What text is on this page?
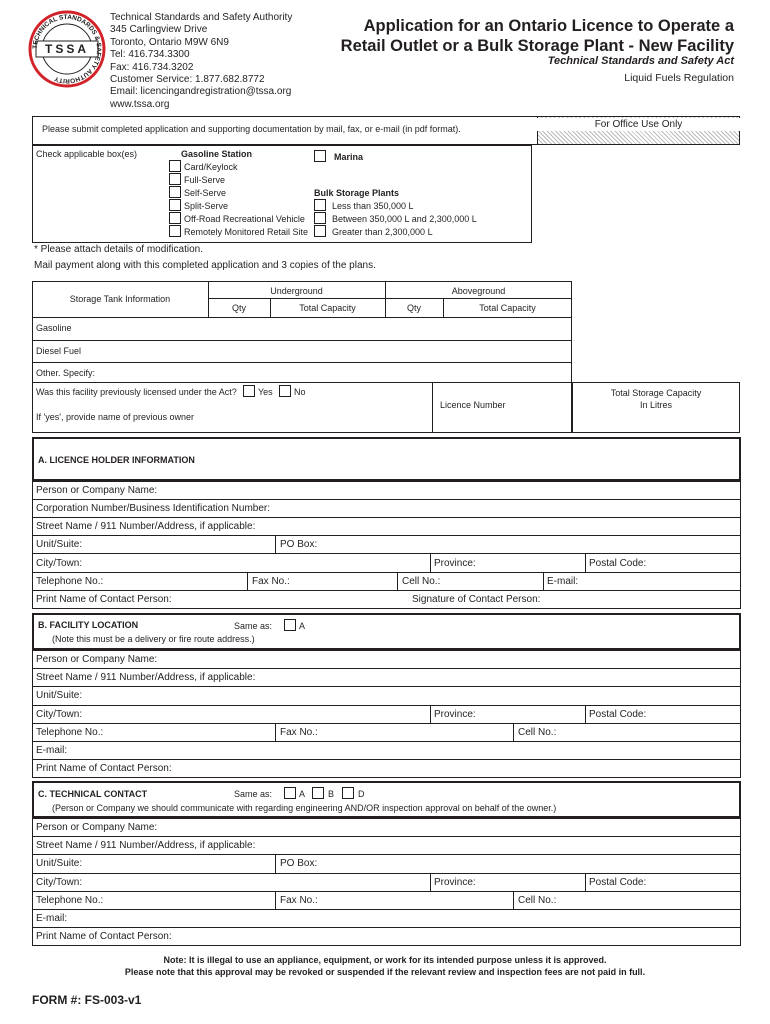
TECHNICAL STANDARDS & SAFETY AUTHORITY
TSSA
Technical Standards and Safety Authority
345 Carlingview Drive
Toronto, Ontario M9W 6N9
Tel: 416.734.3300
Fax: 416.734.3202
Customer Service: 1.877.682.8772
Email: licencingandregistration@tssa.org
www.tssa.org
Application for an Ontario Licence to Operate a
Retail Outlet or a Bulk Storage Plant - New Facility
Technical Standards and Safety Act
Liquid Fuels Regulation
Please submit completed application and supporting documentation by mail, fax, or e-mail (in pdf format).	For Office Use Only
Check applicable box(es)	Gasoline Station
Card/Keylock
Full-Serve
Self-Serve
Split-Serve
Off-Road Recreational Vehicle
Remotely Monitored Retail Site
Marina
Bulk Storage Plants
Less than 350,000 L
Between 350,000 L and 2,300,000 L
Greater than 2,300,000 L
* Please attach details of modification.
Mail payment along with this completed application and 3 copies of the plans.
Storage Tank Information
Underground	Aboveground
Qty	Total Capacity	Qty	Total Capacity
Gasoline
Diesel Fuel
Other. Specify:
Was this facility previously licensed under the Act? Yes No
Licence Number
If 'yes', provide name of previous owner
Total Storage Capacity
In Litres
A. LICENCE HOLDER INFORMATION
Person or Company Name:
Corporation Number/Business Identification Number:
Street Name / 911 Number/Address, if applicable:
Unit/Suite:	PO Box:
City/Town:	Province:	Postal Code:
Telephone No.:	Fax No.:	Cell No.:	E-mail:
Print Name of Contact Person:	Signature of Contact Person:
B. FACILITY LOCATION	Same as:	A
(Note this must be a delivery or fire route address.)
Person or Company Name:
Street Name / 911 Number/Address, if applicable:
Unit/Suite:
City/Town:	Province:	Postal Code:
Telephone No.:	Fax No.:	Cell No.:
E-mail:
Print Name of Contact Person:
C. TECHNICAL CONTACT	Same as:	A	B	D
(Person or Company we should communicate with regarding engineering AND/OR inspection approval on behalf of the owner.)
Person or Company Name:
Street Name / 911 Number/Address, if applicable:
Unit/Suite:	PO Box:
City/Town:	Province:	Postal Code:
Telephone No.:	Fax No.:	Cell No.:
E-mail:
Print Name of Contact Person:
Note: It is illegal to use an appliance, equipment, or work for its intended purpose unless it is approved.
Please note that this approval may be revoked or suspended if the relevant review and inspection fees are not paid in full.
FORM #: FS-003-v1
